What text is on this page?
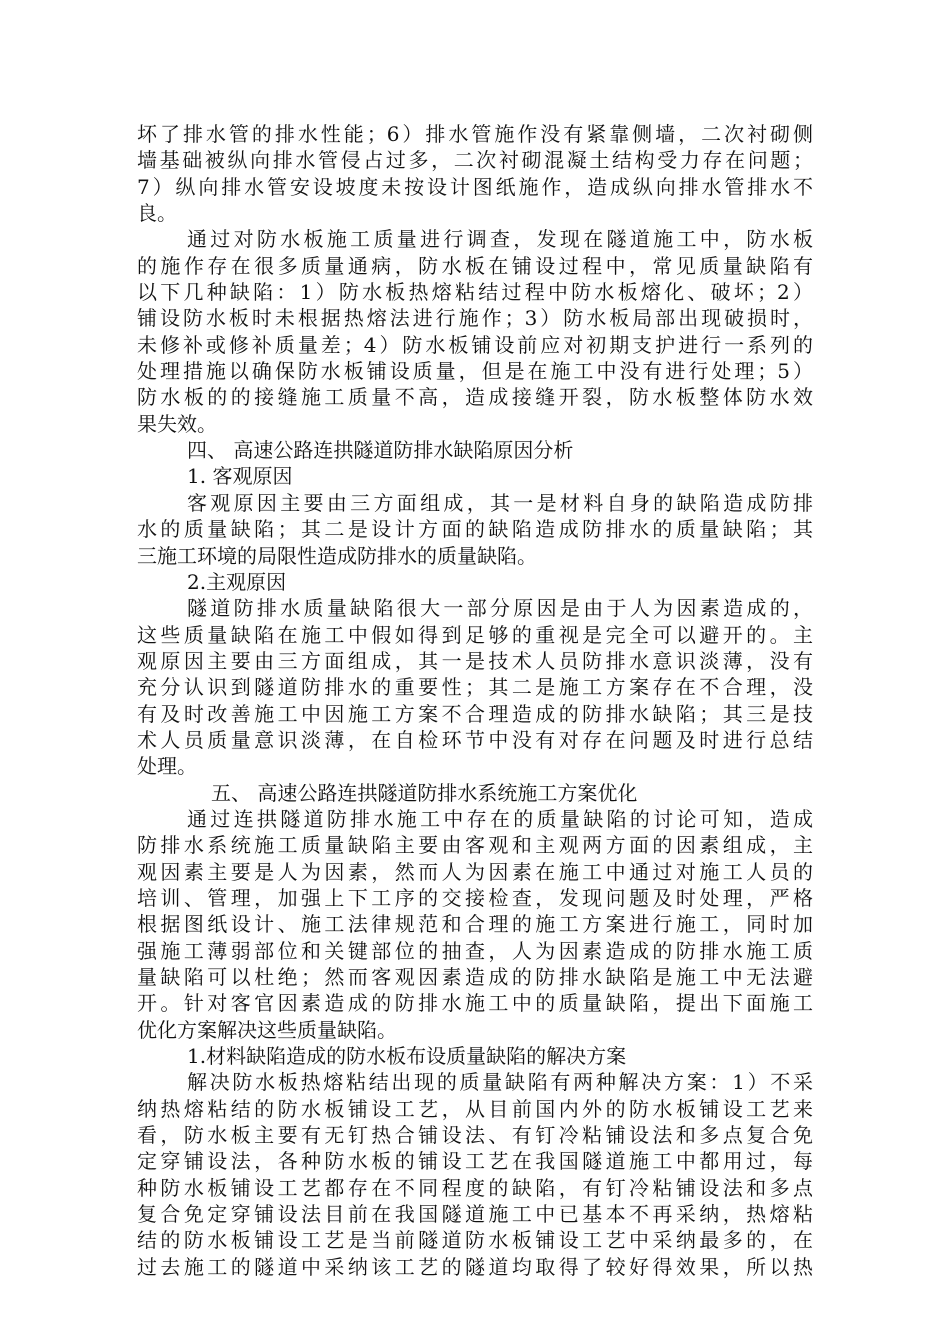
坏了排水管的排水性能；6）排水管施作没有紧靠侧墙，二次衬砌侧
墙基础被纵向排水管侵占过多，二次衬砌混凝土结构受力存在问题；
7）纵向排水管安设坡度未按设计图纸施作，造成纵向排水管排水不
良。
通过对防水板施工质量进行调查，发现在隧道施工中，防水板
的施作存在很多质量通病，防水板在铺设过程中，常见质量缺陷有
以下几种缺陷：1）防水板热熔粘结过程中防水板熔化、破坏；2）
铺设防水板时未根据热熔法进行施作；3）防水板局部出现破损时，
未修补或修补质量差；4）防水板铺设前应对初期支护进行一系列的
处理措施以确保防水板铺设质量，但是在施工中没有进行处理；5）
防水板的的接缝施工质量不高，造成接缝开裂，防水板整体防水效
果失效。
四、 高速公路连拱隧道防排水缺陷原因分析
1. 客观原因
客观原因主要由三方面组成，其一是材料自身的缺陷造成防排
水的质量缺陷；其二是设计方面的缺陷造成防排水的质量缺陷；其
三施工环境的局限性造成防排水的质量缺陷。
2.主观原因
隧道防排水质量缺陷很大一部分原因是由于人为因素造成的，
这些质量缺陷在施工中假如得到足够的重视是完全可以避开的。主
观原因主要由三方面组成，其一是技术人员防排水意识淡薄，没有
充分认识到隧道防排水的重要性；其二是施工方案存在不合理，没
有及时改善施工中因施工方案不合理造成的防排水缺陷；其三是技
术人员质量意识淡薄，在自检环节中没有对存在问题及时进行总结
处理。
五、 高速公路连拱隧道防排水系统施工方案优化
通过连拱隧道防排水施工中存在的质量缺陷的讨论可知，造成
防排水系统施工质量缺陷主要由客观和主观两方面的因素组成，主
观因素主要是人为因素，然而人为因素在施工中通过对施工人员的
培训、管理，加强上下工序的交接检查，发现问题及时处理，严格
根据图纸设计、施工法律规范和合理的施工方案进行施工，同时加
强施工薄弱部位和关键部位的抽查，人为因素造成的防排水施工质
量缺陷可以杜绝；然而客观因素造成的防排水缺陷是施工中无法避
开。针对客官因素造成的防排水施工中的质量缺陷，提出下面施工
优化方案解决这些质量缺陷。
1.材料缺陷造成的防水板布设质量缺陷的解决方案
解决防水板热熔粘结出现的质量缺陷有两种解决方案：1）不采
纳热熔粘结的防水板铺设工艺，从目前国内外的防水板铺设工艺来
看，防水板主要有无钉热合铺设法、有钉冷粘铺设法和多点复合免
定穿铺设法，各种防水板的铺设工艺在我国隧道施工中都用过，每
种防水板铺设工艺都存在不同程度的缺陷，有钉冷粘铺设法和多点
复合免定穿铺设法目前在我国隧道施工中已基本不再采纳，热熔粘
结的防水板铺设工艺是当前隧道防水板铺设工艺中采纳最多的，在
过去施工的隧道中采纳该工艺的隧道均取得了较好得效果，所以热
